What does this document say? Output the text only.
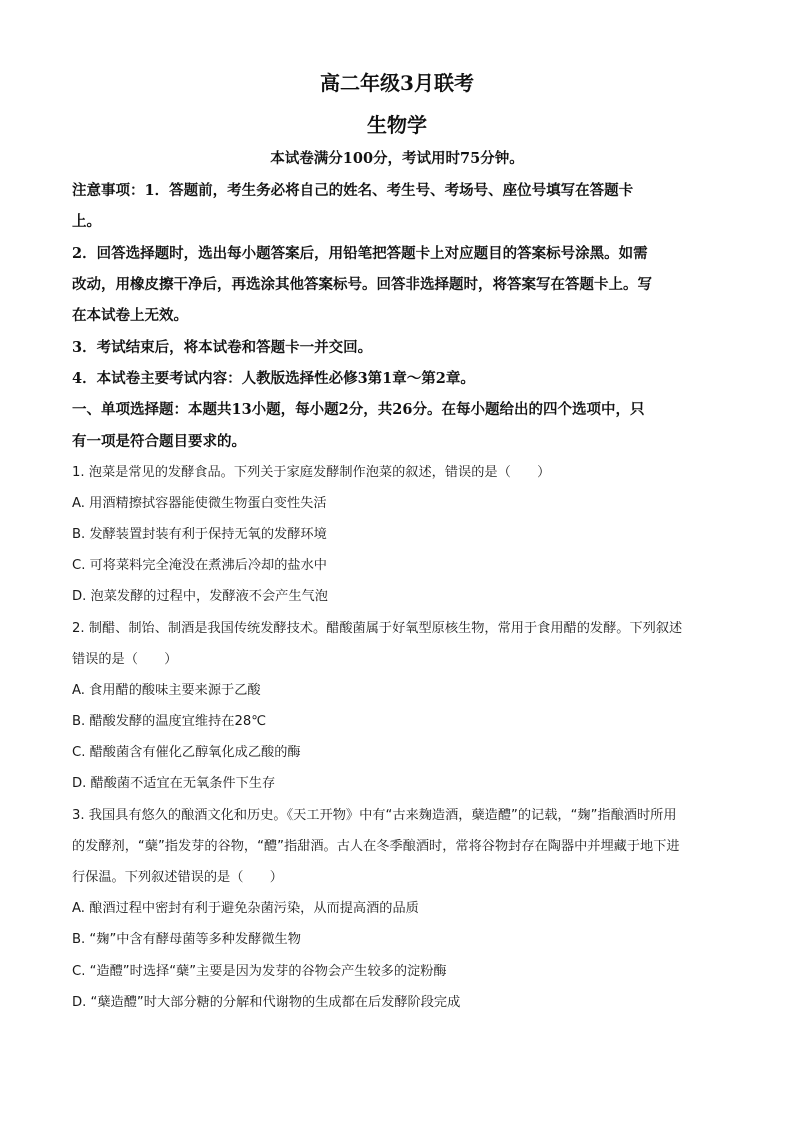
高二年级3月联考
生物学
本试卷满分100分，考试用时75分钟。
注意事项：1．答题前，考生务必将自己的姓名、考生号、考场号、座位号填写在答题卡
上。
2．回答选择题时，选出每小题答案后，用铅笔把答题卡上对应题目的答案标号涂黑。如需
改动，用橡皮擦干净后，再选涂其他答案标号。回答非选择题时，将答案写在答题卡上。写
在本试卷上无效。
3．考试结束后，将本试卷和答题卡一并交回。
4．本试卷主要考试内容：人教版选择性必修3第1章～第2章。
一、单项选择题：本题共13小题，每小题2分，共26分。在每小题给出的四个选项中，只
有一项是符合题目要求的。
1. 泡菜是常见的发酵食品。下列关于家庭发酵制作泡菜的叙述，错误的是（　　）
A. 用酒精擦拭容器能使微生物蛋白变性失活
B. 发酵装置封装有利于保持无氧的发酵环境
C. 可将菜料完全淹没在煮沸后冷却的盐水中
D. 泡菜发酵的过程中，发酵液不会产生气泡
2. 制醋、制饴、制酒是我国传统发酵技术。醋酸菌属于好氧型原核生物，常用于食用醋的发酵。下列叙述
错误的是（　　）
A. 食用醋的酸味主要来源于乙酸
B. 醋酸发酵的温度宜维持在28℃
C. 醋酸菌含有催化乙醇氧化成乙酸的酶
D. 醋酸菌不适宜在无氧条件下生存
3. 我国具有悠久的酿酒文化和历史。《天工开物》中有“古来麹造酒，蘖造醴”的记载，“麹”指酿酒时所用
的发酵剂，“蘖”指发芽的谷物，“醴”指甜酒。古人在冬季酿酒时，常将谷物封存在陶器中并埋藏于地下进
行保温。下列叙述错误的是（　　）
A. 酿酒过程中密封有利于避免杂菌污染，从而提高酒的品质
B. “麹”中含有酵母菌等多种发酵微生物
C. “造醴”时选择“蘖”主要是因为发芽的谷物会产生较多的淀粉酶
D. “蘖造醴”时大部分糖的分解和代谢物的生成都在后发酵阶段完成
